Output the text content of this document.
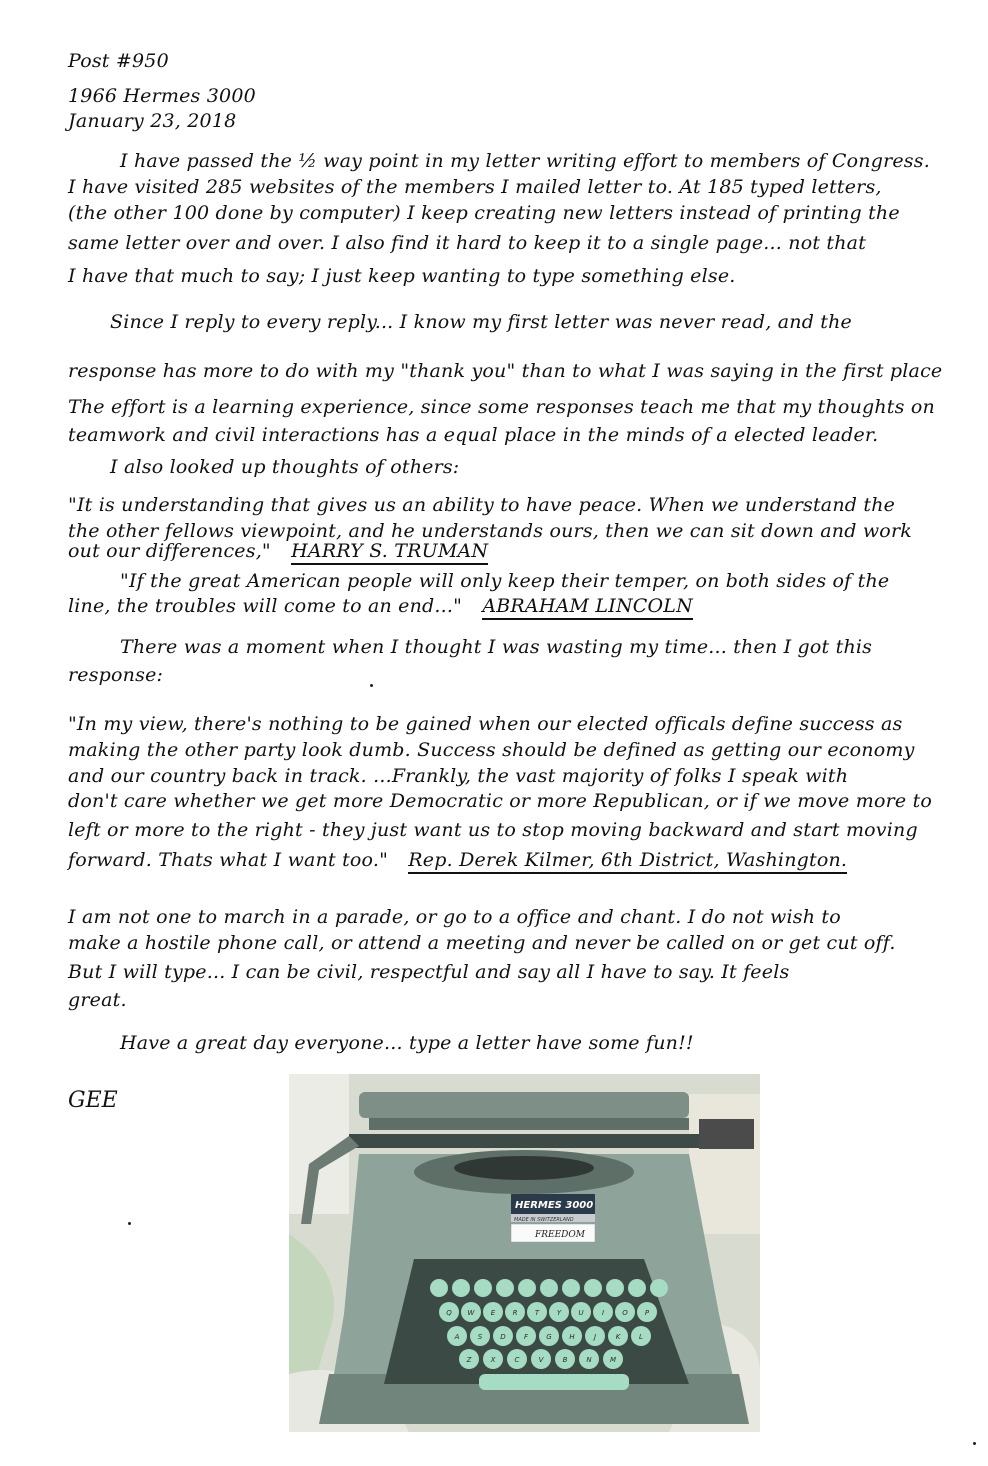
Post #950
1966 Hermes 3000
January 23, 2018
I have passed the ½ way point in my letter writing effort to members of Congress.
I have visited 285 websites of the members I mailed letter to. At 185 typed letters,
(the other 100 done by computer) I keep creating new letters instead of printing the
same letter over and over. I also find it hard to keep it to a single page... not that
I have that much to say; I just keep wanting to type something else.
Since I reply to every reply... I know my first letter was never read, and the
response has more to do with my "thank you" than to what I was saying in the first place
The effort is a learning experience, since some responses teach me that my thoughts on
teamwork and civil interactions has a equal place in the minds of a elected leader.
I also looked up thoughts of others:
"It is understanding that gives us an ability to have peace. When we understand the
the other fellows viewpoint, and he understands ours, then we can sit down and work
out our differences," HARRY S. TRUMAN
"If the great American people will only keep their temper, on both sides of the
line, the troubles will come to an end..." ABRAHAM LINCOLN
There was a moment when I thought I was wasting my time... then I got this
response:
"In my view, there's nothing to be gained when our elected officals define success as
making the other party look dumb. Success should be defined as getting our economy
and our country back in track. ...Frankly, the vast majority of folks I speak with
don't care whether we get more Democratic or more Republican, or if we move more to
left or more to the right - they just want us to stop moving backward and start moving
forward. Thats what I want too." Rep. Derek Kilmer, 6th District, Washington.
I am not one to march in a parade, or go to a office and chant. I do not wish to
make a hostile phone call, or attend a meeting and never be called on or get cut off.
But I will type... I can be civil, respectful and say all I have to say. It feels
great.
Have a great day everyone... type a letter have some fun!!
GEE
HERMES 3000
MADE IN SWITZERLAND
FREEDOM
Q W E R T	Y U	I	O P
A	S	D	F	G	H	J	K	L
Z	X	C	V	B	N	M
